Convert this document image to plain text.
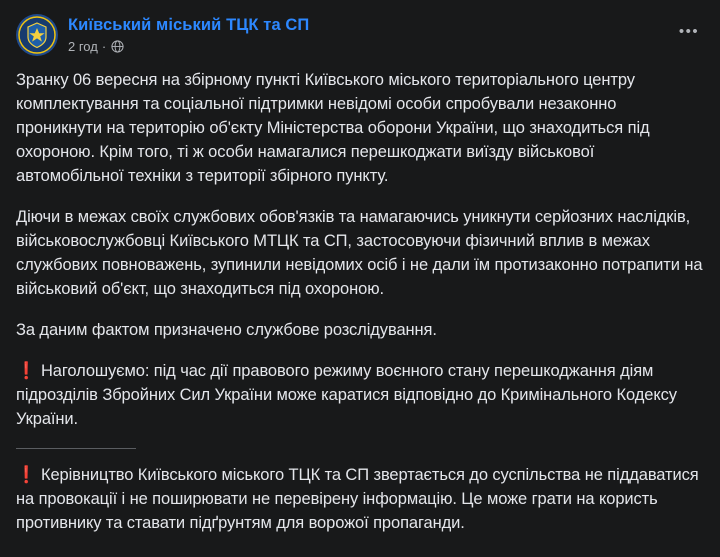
Київський міський ТЦК та СП
2 год ·
•••

Зранку 06 вересня на збірному пункті Київського міського територіального центру комплектування та соціальної підтримки невідомі особи спробували незаконно проникнути на територію об'єкту Міністерства оборони України, що знаходиться під охороною. Крім того, ті ж особи намагалися перешкоджати виїзду військової автомобільної техніки з території збірного пункту.

Діючи в межах своїх службових обов'язків та намагаючись уникнути серйозних наслідків, військовослужбовці Київського МТЦК та СП, застосовуючи фізичний вплив в межах службових повноважень, зупинили невідомих осіб і не дали їм протизаконно потрапити на військовий об'єкт, що знаходиться під охороною.

За даним фактом призначено службове розслідування.

❗ Наголошуємо: під час дії правового режиму воєнного стану перешкоджання діям підрозділів Збройних Сил України може каратися відповідно до Кримінального Кодексу України.

❗ Керівництво Київського міського ТЦК та СП звертається до суспільства не піддаватися на провокації і не поширювати не перевірену інформацію. Це може грати на користь противнику та ставати підґрунтям для ворожої пропаганди.
